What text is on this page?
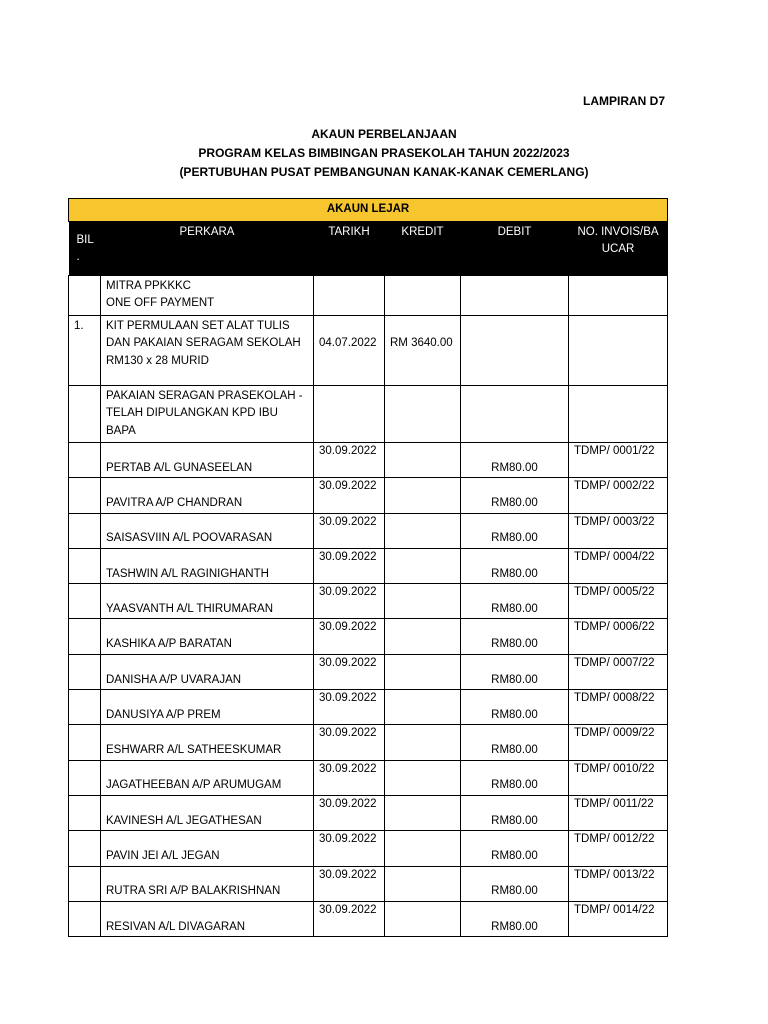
LAMPIRAN D7
AKAUN PERBELANJAAN
PROGRAM KELAS BIMBINGAN PRASEKOLAH TAHUN 2022/2023
(PERTUBUHAN PUSAT PEMBANGUNAN KANAK-KANAK CEMERLANG)
AKAUN LEJAR					

BIL
.
PERKARA	TARIKH	KREDIT	DEBIT	NO. INVOIS/BAUCAR

	MITRA PPKKKC
ONE OFF PAYMENT				

1.	KIT PERMULAAN SET ALAT TULIS DAN PAKAIAN SERAGAM SEKOLAH RM130 x 28 MURID	04.07.2022	RM 3640.00		
	PAKAIAN SERAGAN PRASEKOLAH -TELAH DIPULANGKAN KPD IBU BAPA				
	PERTAB A/L GUNASEELAN	30.09.2022		RM80.00	TDMP/ 0001/22
	PAVITRA A/P CHANDRAN	30.09.2022		RM80.00	TDMP/ 0002/22
	SAISASVIIN A/L POOVARASAN	30.09.2022		RM80.00	TDMP/ 0003/22
	TASHWIN A/L RAGINIGHANTH	30.09.2022		RM80.00	TDMP/ 0004/22
	YAASVANTH A/L THIRUMARAN	30.09.2022		RM80.00	TDMP/ 0005/22
	KASHIKA A/P BARATAN	30.09.2022		RM80.00	TDMP/ 0006/22
	DANISHA A/P UVARAJAN	30.09.2022		RM80.00	TDMP/ 0007/22
	DANUSIYA A/P PREM	30.09.2022		RM80.00	TDMP/ 0008/22
	ESHWARR A/L SATHEESKUMAR	30.09.2022		RM80.00	TDMP/ 0009/22
	JAGATHEEBAN A/P ARUMUGAM	30.09.2022		RM80.00	TDMP/ 0010/22
	KAVINESH A/L JEGATHESAN	30.09.2022		RM80.00	TDMP/ 0011/22
	PAVIN JEI A/L JEGAN	30.09.2022		RM80.00	TDMP/ 0012/22
	RUTRA SRI A/P BALAKRISHNAN	30.09.2022		RM80.00	TDMP/ 0013/22
	RESIVAN A/L DIVAGARAN	30.09.2022		RM80.00	TDMP/ 0014/22
